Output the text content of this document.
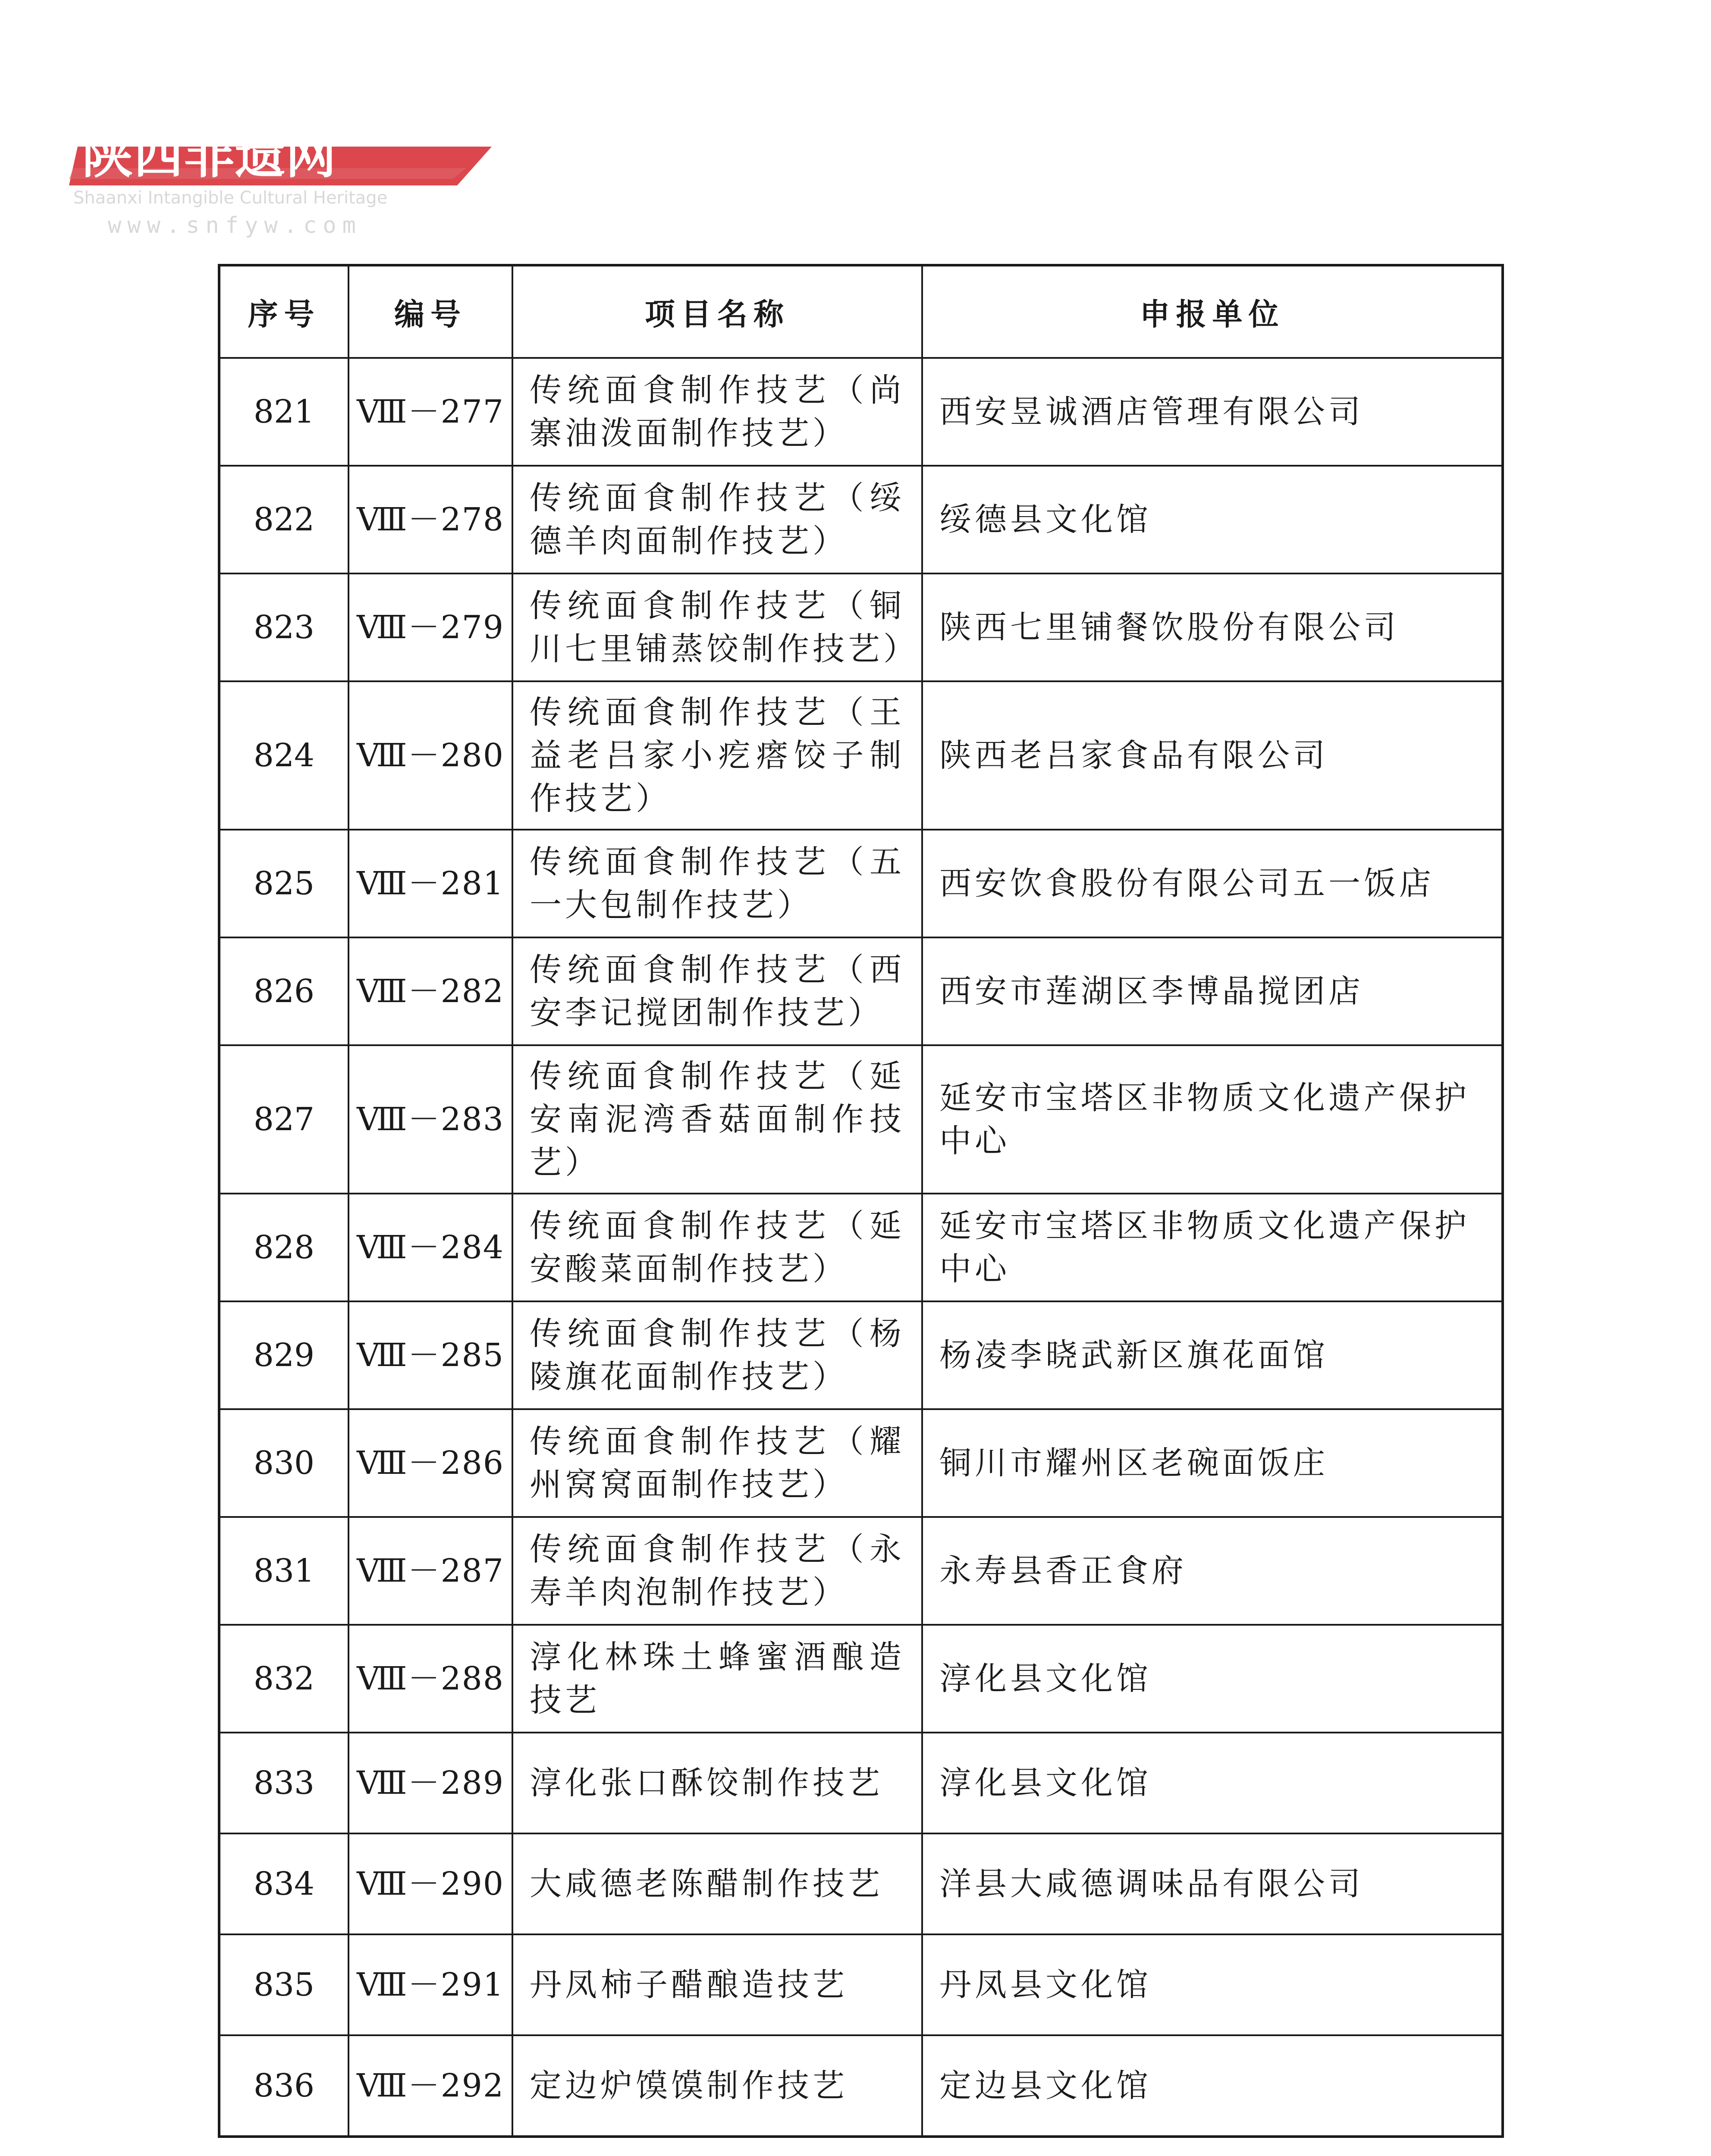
陕西非遗网
Shaanxi Intangible Cultural Heritage
www.snfyw.com
序号	编号	项目名称	申报单位
821	Ⅷ－277	传统面食制作技艺（尚寨油泼面制作技艺）	西安昱诚酒店管理有限公司
822	Ⅷ－278	传统面食制作技艺（绥德羊肉面制作技艺）	绥德县文化馆
823	Ⅷ－279	传统面食制作技艺（铜川七里铺蒸饺制作技艺）	陕西七里铺餐饮股份有限公司
824	Ⅷ－280	传统面食制作技艺（王益老吕家小疙瘩饺子制作技艺）	陕西老吕家食品有限公司
825	Ⅷ－281	传统面食制作技艺（五一大包制作技艺）	西安饮食股份有限公司五一饭店
826	Ⅷ－282	传统面食制作技艺（西安李记搅团制作技艺）	西安市莲湖区李博晶搅团店
827	Ⅷ－283	传统面食制作技艺（延安南泥湾香菇面制作技艺）	延安市宝塔区非物质文化遗产保护中心
828	Ⅷ－284	传统面食制作技艺（延安酸菜面制作技艺）	延安市宝塔区非物质文化遗产保护中心
829	Ⅷ－285	传统面食制作技艺（杨陵旗花面制作技艺）	杨凌李晓武新区旗花面馆
830	Ⅷ－286	传统面食制作技艺（耀州窝窝面制作技艺）	铜川市耀州区老碗面饭庄
831	Ⅷ－287	传统面食制作技艺（永寿羊肉泡制作技艺）	永寿县香正食府
832	Ⅷ－288	淳化林珠土蜂蜜酒酿造技艺	淳化县文化馆
833	Ⅷ－289	淳化张口酥饺制作技艺	淳化县文化馆
834	Ⅷ－290	大咸德老陈醋制作技艺	洋县大咸德调味品有限公司
835	Ⅷ－291	丹凤柿子醋酿造技艺	丹凤县文化馆
836	Ⅷ－292	定边炉馍馍制作技艺	定边县文化馆
